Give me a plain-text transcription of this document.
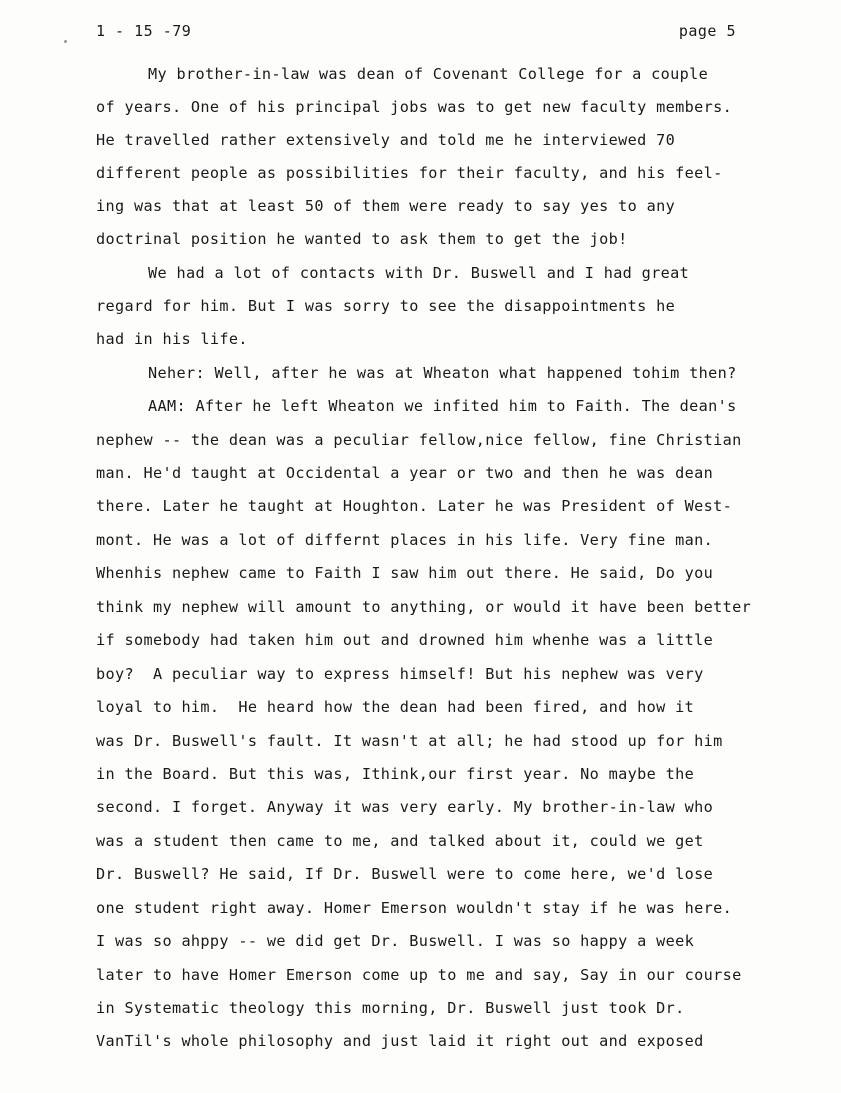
1 - 15 -79	page 5
My brother-in-law was dean of Covenant College for a couple
of years. One of his principal jobs was to get new faculty members.
He travelled rather extensively and told me he interviewed 70
different people as possibilities for their faculty, and his feel-
ing was that at least 50 of them were ready to say yes to any
doctrinal position he wanted to ask them to get the job!
We had a lot of contacts with Dr. Buswell and I had great
regard for him. But I was sorry to see the disappointments he
had in his life.
Neher: Well, after he was at Wheaton what happened tohim then?
AAM: After he left Wheaton we infited him to Faith. The dean's
nephew -- the dean was a peculiar fellow,nice fellow, fine Christian
man. He'd taught at Occidental a year or two and then he was dean
there. Later he taught at Houghton. Later he was President of West-
mont. He was a lot of differnt places in his life. Very fine man.
Whenhis nephew came to Faith I saw him out there. He said, Do you
think my nephew will amount to anything, or would it have been better
if somebody had taken him out and drowned him whenhe was a little
boy?  A peculiar way to express himself! But his nephew was very
loyal to him.  He heard how the dean had been fired, and how it
was Dr. Buswell's fault. It wasn't at all; he had stood up for him
in the Board. But this was, Ithink,our first year. No maybe the
second. I forget. Anyway it was very early. My brother-in-law who
was a student then came to me, and talked about it, could we get
Dr. Buswell? He said, If Dr. Buswell were to come here, we'd lose
one student right away. Homer Emerson wouldn't stay if he was here.
I was so ahppy -- we did get Dr. Buswell. I was so happy a week
later to have Homer Emerson come up to me and say, Say in our course
in Systematic theology this morning, Dr. Buswell just took Dr.
VanTil's whole philosophy and just laid it right out and exposed
